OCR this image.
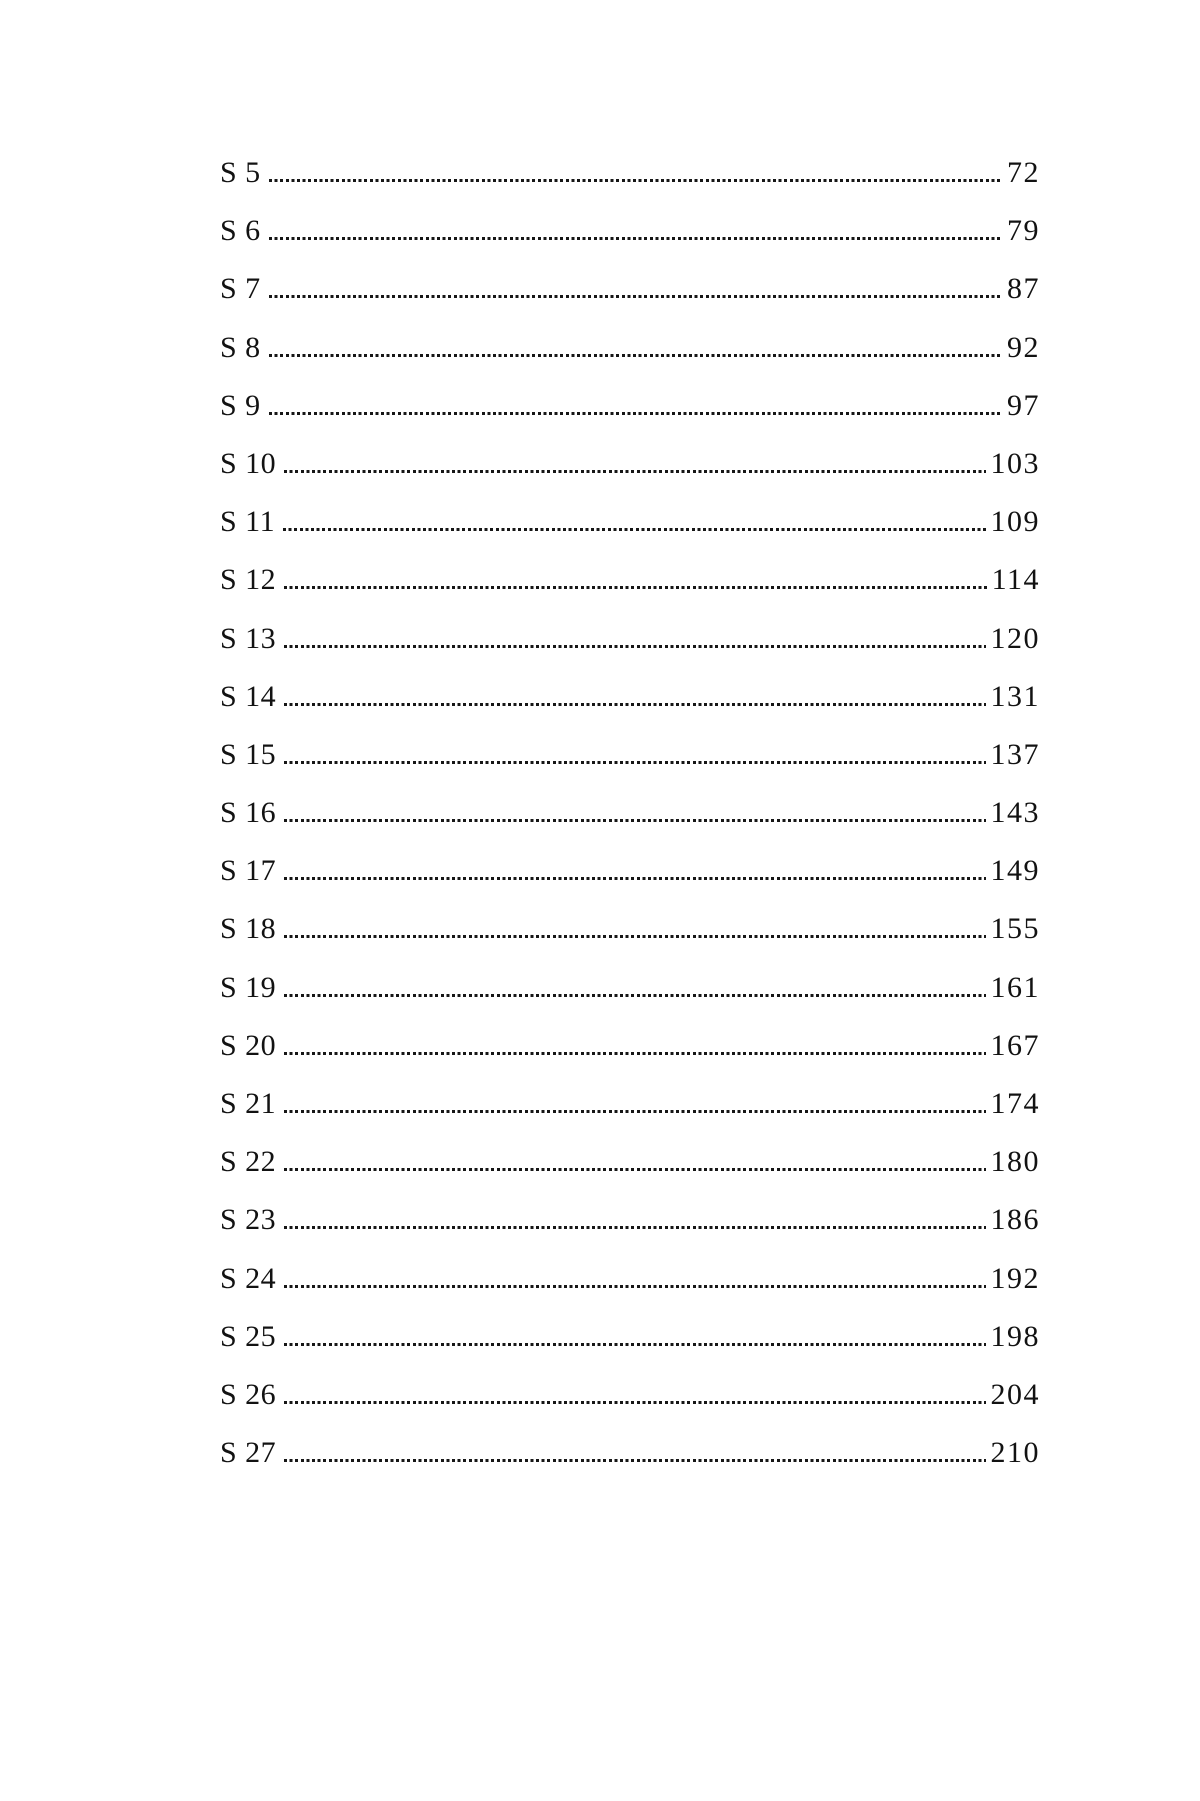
S 5	72
S 6	79
S 7	87
S 8	92
S 9	97
S 10	103
S 11	109
S 12	114
S 13	120
S 14	131
S 15	137
S 16	143
S 17	149
S 18	155
S 19	161
S 20	167
S 21	174
S 22	180
S 23	186
S 24	192
S 25	198
S 26	204
S 27	210
